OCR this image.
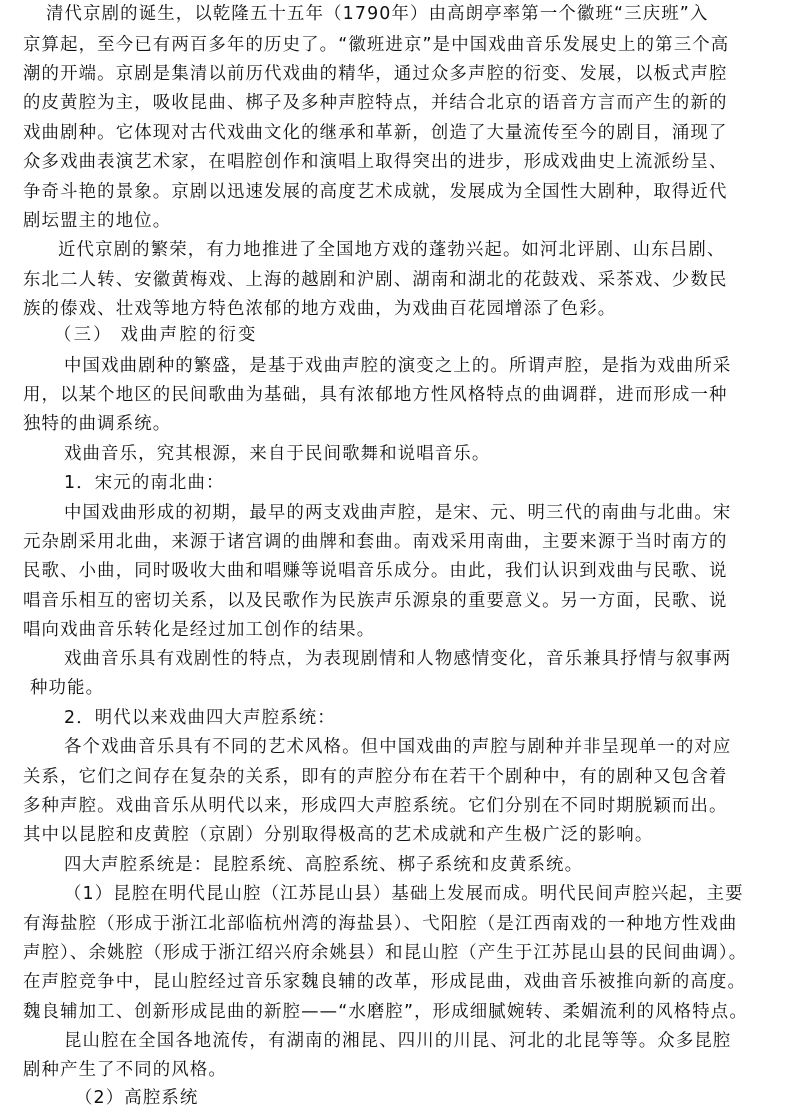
清代京剧的诞生，以乾隆五十五年（1790年）由高朗亭率第一个徽班“三庆班”入
京算起，至今已有两百多年的历史了。“徽班进京”是中国戏曲音乐发展史上的第三个高
潮的开端。京剧是集清以前历代戏曲的精华，通过众多声腔的衍变、发展，以板式声腔
的皮黄腔为主，吸收昆曲、梆子及多种声腔特点，并结合北京的语音方言而产生的新的
戏曲剧种。它体现对古代戏曲文化的继承和革新，创造了大量流传至今的剧目，涌现了
众多戏曲表演艺术家，在唱腔创作和演唱上取得突出的进步，形成戏曲史上流派纷呈、
争奇斗艳的景象。京剧以迅速发展的高度艺术成就，发展成为全国性大剧种，取得近代
剧坛盟主的地位。
近代京剧的繁荣，有力地推进了全国地方戏的蓬勃兴起。如河北评剧、山东吕剧、
东北二人转、安徽黄梅戏、上海的越剧和沪剧、湖南和湖北的花鼓戏、采茶戏、少数民
族的傣戏、壮戏等地方特色浓郁的地方戏曲，为戏曲百花园增添了色彩。
（三） 戏曲声腔的衍变
中国戏曲剧种的繁盛，是基于戏曲声腔的演变之上的。所谓声腔，是指为戏曲所采
用，以某个地区的民间歌曲为基础，具有浓郁地方性风格特点的曲调群，进而形成一种
独特的曲调系统。
戏曲音乐，究其根源，来自于民间歌舞和说唱音乐。
1．宋元的南北曲：
中国戏曲形成的初期，最早的两支戏曲声腔，是宋、元、明三代的南曲与北曲。宋
元杂剧采用北曲，来源于诸宫调的曲牌和套曲。南戏采用南曲，主要来源于当时南方的
民歌、小曲，同时吸收大曲和唱赚等说唱音乐成分。由此，我们认识到戏曲与民歌、说
唱音乐相互的密切关系，以及民歌作为民族声乐源泉的重要意义。另一方面，民歌、说
唱向戏曲音乐转化是经过加工创作的结果。
戏曲音乐具有戏剧性的特点，为表现剧情和人物感情变化，音乐兼具抒情与叙事两
种功能。
2．明代以来戏曲四大声腔系统：
各个戏曲音乐具有不同的艺术风格。但中国戏曲的声腔与剧种并非呈现单一的对应
关系，它们之间存在复杂的关系，即有的声腔分布在若干个剧种中，有的剧种又包含着
多种声腔。戏曲音乐从明代以来，形成四大声腔系统。它们分别在不同时期脱颖而出。
其中以昆腔和皮黄腔（京剧）分别取得极高的艺术成就和产生极广泛的影响。
四大声腔系统是：昆腔系统、高腔系统、梆子系统和皮黄系统。
（1）昆腔在明代昆山腔（江苏昆山县）基础上发展而成。明代民间声腔兴起，主要
有海盐腔（形成于浙江北部临杭州湾的海盐县）、弋阳腔（是江西南戏的一种地方性戏曲
声腔）、余姚腔（形成于浙江绍兴府余姚县）和昆山腔（产生于江苏昆山县的民间曲调）。
在声腔竞争中，昆山腔经过音乐家魏良辅的改革，形成昆曲，戏曲音乐被推向新的高度。
魏良辅加工、创新形成昆曲的新腔——“水磨腔”，形成细腻婉转、柔媚流利的风格特点。
昆山腔在全国各地流传，有湖南的湘昆、四川的川昆、河北的北昆等等。众多昆腔
剧种产生了不同的风格。
（2）高腔系统
